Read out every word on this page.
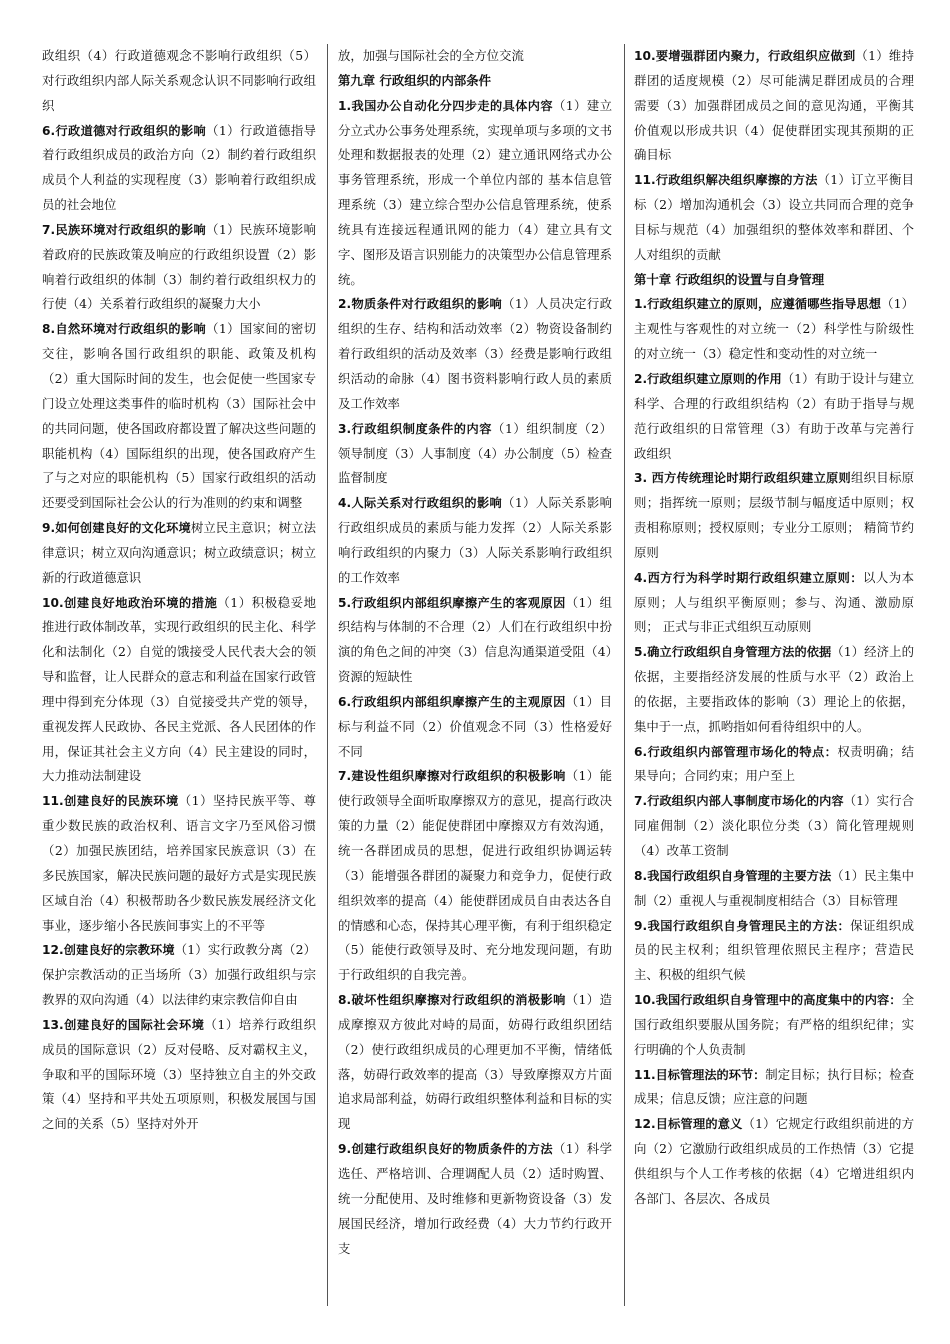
政组织（4）行政道德观念不影响行政组织（5）对行政组织内部人际关系观念认识不同影响行政组织

6.行政道德对行政组织的影响（1）行政道德指导着行政组织成员的政治方向（2）制约着行政组织成员个人利益的实现程度（3）影响着行政组织成员的社会地位

7.民族环境对行政组织的影响（1）民族环境影响着政府的民族政策及响应的行政组织设置（2）影响着行政组织的体制（3）制约着行政组织权力的行使（4）关系着行政组织的凝聚力大小

8.自然环境对行政组织的影响（1）国家间的密切交往，影响各国行政组织的职能、政策及机构（2）重大国际时间的发生，也会促使一些国家专门设立处理这类事件的临时机构（3）国际社会中的共同问题，使各国政府都设置了解决这些问题的职能机构（4）国际组织的出现，使各国政府产生了与之对应的职能机构（5）国家行政组织的活动还要受到国际社会公认的行为准则的约束和调整

9.如何创建良好的文化环境树立民主意识；树立法律意识；树立双向沟通意识；树立政绩意识；树立新的行政道德意识

10.创建良好地政治环境的措施（1）积极稳妥地推进行政体制改革，实现行政组织的民主化、科学化和法制化（2）自觉的饿接受人民代表大会的领导和监督，让人民群众的意志和利益在国家行政管理中得到充分体现（3）自觉接受共产党的领导，重视发挥人民政协、各民主党派、各人民团体的作用，保证其社会主义方向（4）民主建设的同时，大力推动法制建设

11.创建良好的民族环境（1）坚持民族平等、尊重少数民族的政治权利、语言文字乃至风俗习惯（2）加强民族团结，培养国家民族意识（3）在多民族国家，解决民族问题的最好方式是实现民族区域自治（4）积极帮助各少数民族发展经济文化事业，逐步缩小各民族间事实上的不平等

12.创建良好的宗教环境（1）实行政教分离（2）保护宗教活动的正当场所（3）加强行政组织与宗教界的双向沟通（4）以法律约束宗教信仰自由

13.创建良好的国际社会环境（1）培养行政组织成员的国际意识（2）反对侵略、反对霸权主义，争取和平的国际环境（3）坚持独立自主的外交政策（4）坚持和平共处五项原则，积极发展国与国之间的关系（5）坚持对外开

放，加强与国际社会的全方位交流

第九章 行政组织的内部条件

1.我国办公自动化分四步走的具体内容（1）建立分立式办公事务处理系统，实现单项与多项的文书处理和数据报表的处理（2）建立通讯网络式办公事务管理系统，形成一个单位内部的 基本信息管理系统（3）建立综合型办公信息管理系统，使系统具有连接远程通讯网的能力（4）建立具有文字、图形及语言识别能力的决策型办公信息管理系统。

2.物质条件对行政组织的影响（1）人员决定行政组织的生存、结构和活动效率（2）物资设备制约着行政组织的活动及效率（3）经费是影响行政组织活动的命脉（4）图书资料影响行政人员的素质及工作效率

3.行政组织制度条件的内容（1）组织制度（2）领导制度（3）人事制度（4）办公制度（5）检查监督制度

4.人际关系对行政组织的影响（1）人际关系影响行政组织成员的素质与能力发挥（2）人际关系影响行政组织的内聚力（3）人际关系影响行政组织的工作效率

5.行政组织内部组织摩擦产生的客观原因（1）组织结构与体制的不合理（2）人们在行政组织中扮演的角色之间的冲突（3）信息沟通渠道受阻（4）资源的短缺性

6.行政组织内部组织摩擦产生的主观原因（1）目标与利益不同（2）价值观念不同（3）性格爱好不同

7.建设性组织摩擦对行政组织的积极影响（1）能使行政领导全面听取摩擦双方的意见，提高行政决策的力量（2）能促使群团中摩擦双方有效沟通，统一各群团成员的思想，促进行政组织协调运转（3）能增强各群团的凝聚力和竞争力，促使行政组织效率的提高（4）能使群团成员自由表达各自的情感和心态，保持其心理平衡，有利于组织稳定（5）能使行政领导及时、充分地发现问题，有助于行政组织的自我完善。

8.破坏性组织摩擦对行政组织的消极影响（1）造成摩擦双方彼此对峙的局面，妨碍行政组织团结（2）使行政组织成员的心理更加不平衡，情绪低落，妨碍行政效率的提高（3）导致摩擦双方片面追求局部利益，妨碍行政组织整体利益和目标的实现

9.创建行政组织良好的物质条件的方法（1）科学选任、严格培训、合理调配人员（2）适时购置、统一分配使用、及时维修和更新物资设备（3）发展国民经济，增加行政经费（4）大力节约行政开支

10.要增强群团内聚力，行政组织应做到（1）维持群团的适度规模（2）尽可能满足群团成员的合理需要（3）加强群团成员之间的意见沟通，平衡其价值观以形成共识（4）促使群团实现其预期的正确目标

11.行政组织解决组织摩擦的方法（1）订立平衡目标（2）增加沟通机会（3）设立共同而合理的竞争目标与规范（4）加强组织的整体效率和群团、个人对组织的贡献

第十章 行政组织的设置与自身管理

1.行政组织建立的原则，应遵循哪些指导思想（1）主观性与客观性的对立统一（2）科学性与阶级性的对立统一（3）稳定性和变动性的对立统一

2.行政组织建立原则的作用（1）有助于设计与建立科学、合理的行政组织结构（2）有助于指导与规范行政组织的日常管理（3）有助于改革与完善行政组织

3. 西方传统理论时期行政组织建立原则组织目标原则；指挥统一原则；层级节制与幅度适中原则；权责相称原则；授权原则；专业分工原则； 精简节约原则

4.西方行为科学时期行政组织建立原则：以人为本原则；人与组织平衡原则；参与、沟通、激励原则； 正式与非正式组织互动原则

5.确立行政组织自身管理方法的依据（1）经济上的依据，主要指经济发展的性质与水平（2）政治上的依据，主要指政体的影响（3）理论上的依据，集中于一点，抓哟指如何看待组织中的人。

6.行政组织内部管理市场化的特点：权责明确；结果导向；合同约束；用户至上

7.行政组织内部人事制度市场化的内容（1）实行合同雇佣制（2）淡化职位分类（3）简化管理规则（4）改革工资制

8.我国行政组织自身管理的主要方法（1）民主集中制（2）重视人与重视制度相结合（3）目标管理

9.我国行政组织自身管理民主的方法：保证组织成员的民主权利；组织管理依照民主程序；营造民主、积极的组织气候

10.我国行政组织自身管理中的高度集中的内容：全国行政组织要服从国务院；有严格的组织纪律；实行明确的个人负责制

11.目标管理法的环节：制定目标；执行目标；检查成果；信息反馈；应注意的问题

12.目标管理的意义（1）它规定行政组织前进的方向（2）它激励行政组织成员的工作热情（3）它提供组织与个人工作考核的依据（4）它增进组织内各部门、各层次、各成员
